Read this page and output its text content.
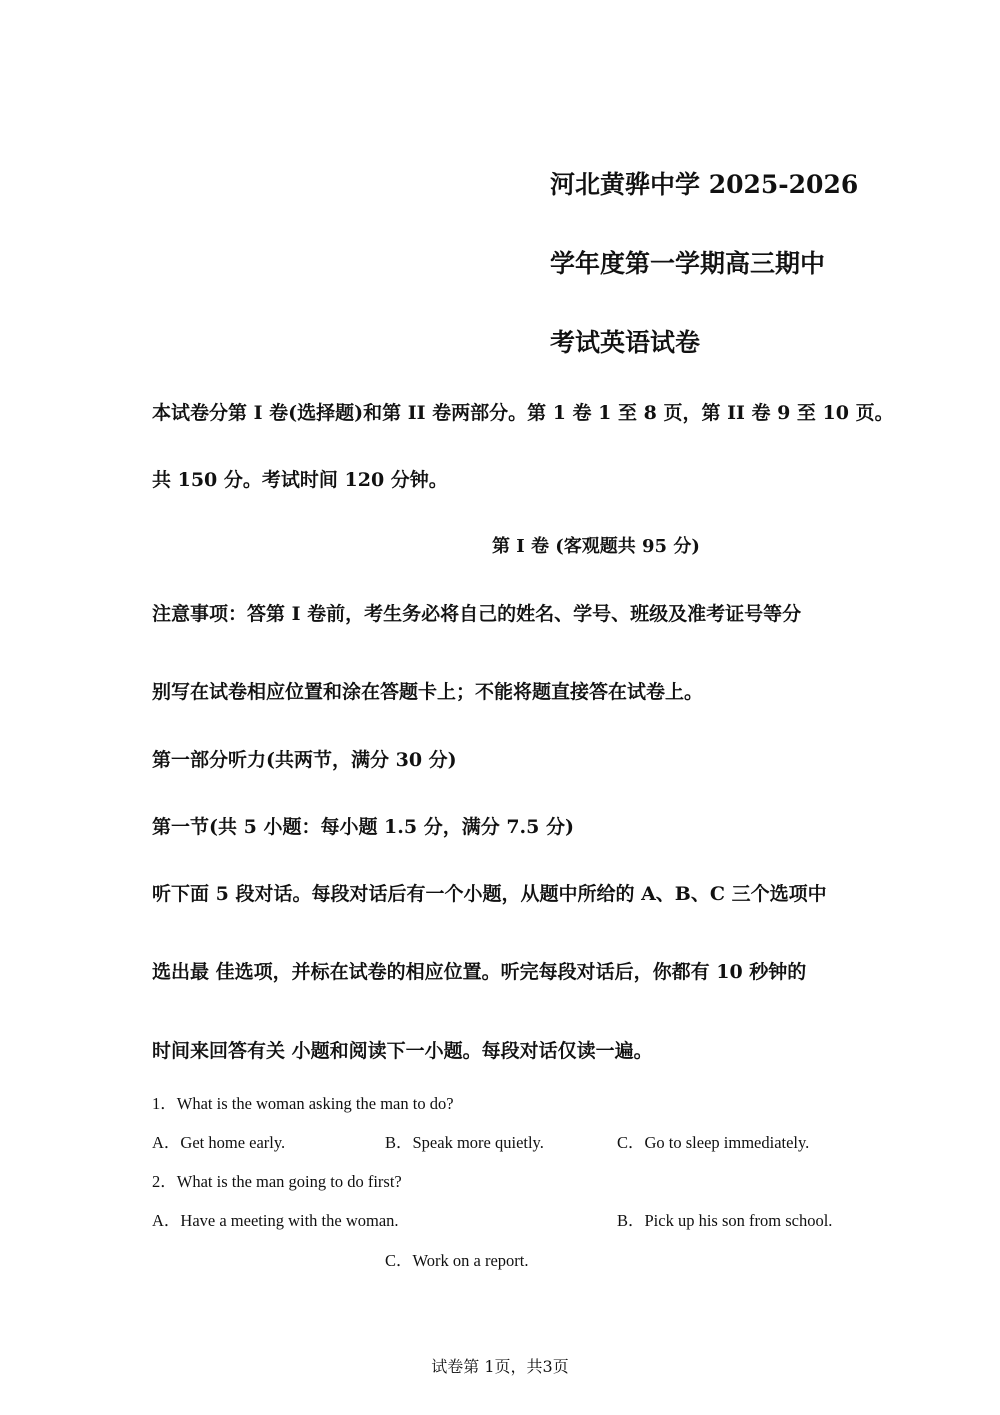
河北黄骅中学 2025-2026
学年度第一学期高三期中
考试英语试卷
本试卷分第 I 卷(选择题)和第 II 卷两部分。第 1 卷 1 至 8 页，第 II 卷 9 至 10 页。
共 150 分。考试时间 120 分钟。
第 I 卷 (客观题共 95 分)
注意事项：答第 I 卷前，考生务必将自己的姓名、学号、班级及准考证号等分
别写在试卷相应位置和涂在答题卡上；不能将题直接答在试卷上。
第一部分听力(共两节，满分 30 分)
第一节(共 5 小题：每小题 1.5 分，满分 7.5 分)
听下面 5 段对话。每段对话后有一个小题，从题中所给的 A、B、C 三个选项中
选出最 佳选项，并标在试卷的相应位置。听完每段对话后，你都有 10 秒钟的
时间来回答有关 小题和阅读下一小题。每段对话仅读一遍。
1．What is the woman asking the man to do?
A．Get home early.	B．Speak more quietly.	C．Go to sleep immediately.
2．What is the man going to do first?
A．Have a meeting with the woman.	B．Pick up his son from school.
C．Work on a report.
试卷第 1页，共3页
